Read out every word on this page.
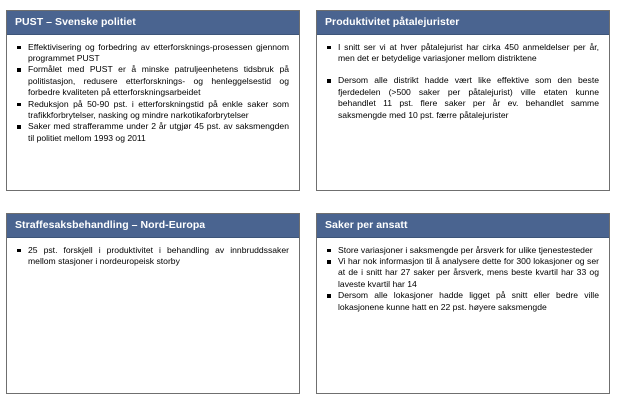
PUST – Svenske politiet
Effektivisering og forbedring av etterforsknings-prosessen gjennom programmet PUST
Formålet med PUST er å minske patruljeenhetens tidsbruk på politistasjon, redusere etterforsknings- og henleggelsestid og forbedre kvaliteten på etterforskningsarbeidet
Reduksjon på 50-90 pst. i etterforskningstid på enkle saker som trafikkforbrytelser, nasking og mindre narkotikaforbrytelser
Saker med strafferamme under 2 år utgjør 45 pst. av saksmengden til politiet mellom 1993 og 2011
Produktivitet påtalejurister
I snitt ser vi at hver påtalejurist har cirka 450 anmeldelser per år, men det er betydelige variasjoner mellom distriktene
Dersom alle distrikt hadde vært like effektive som den beste fjerdedelen (>500 saker per påtalejurist) ville etaten kunne behandlet 11 pst. flere saker per år ev. behandlet samme saksmengde med 10 pst. færre påtalejurister
Straffesaksbehandling – Nord-Europa
25 pst. forskjell i produktivitet i behandling av innbruddssaker mellom stasjoner i nordeuropeisk storby
Saker per ansatt
Store variasjoner i saksmengde per årsverk for ulike tjenestesteder
Vi har nok informasjon til å analysere dette for 300 lokasjoner og ser at de i snitt har 27 saker per årsverk, mens beste kvartil har 33 og laveste kvartil har 14
Dersom alle lokasjoner hadde ligget på snitt eller bedre ville lokasjonene kunne hatt en 22 pst. høyere saksmengde
